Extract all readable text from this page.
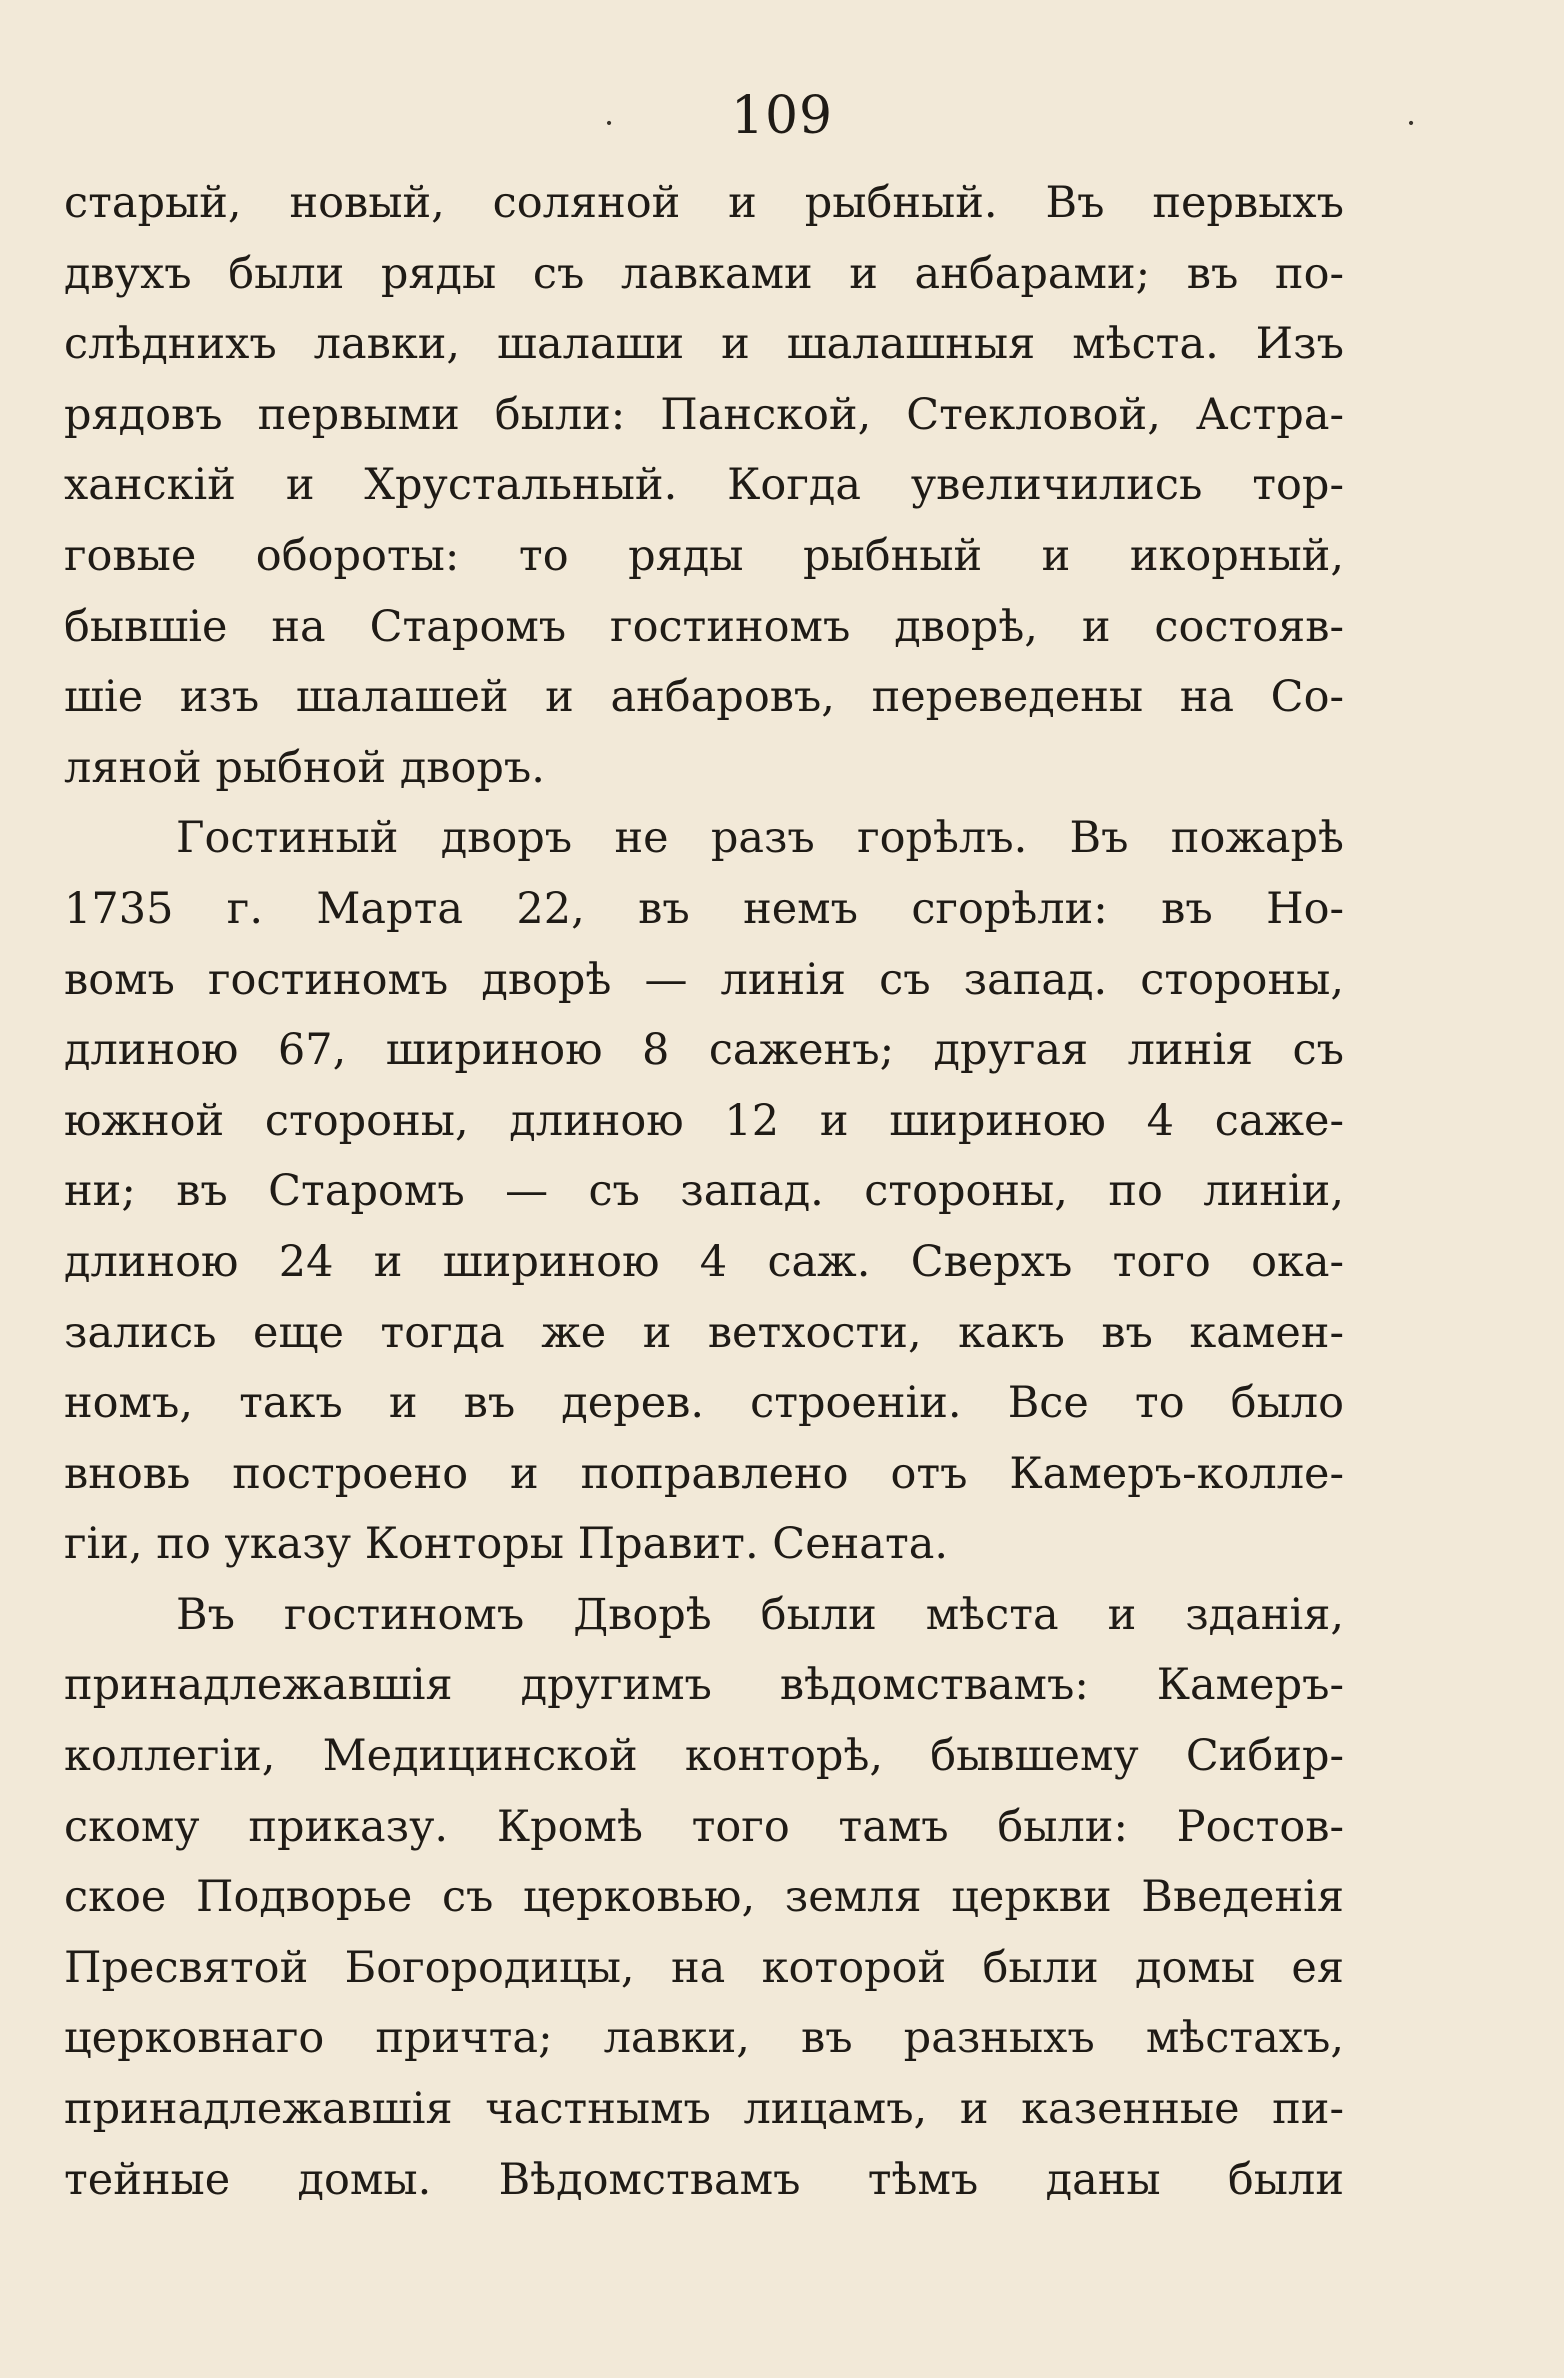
·	·
109
старый, новый, соляной и рыбный. Въ первыхъ
двухъ были ряды съ лавками и анбарами; въ по-
слѣднихъ лавки, шалаши и шалашныя мѣста. Изъ
рядовъ первыми были: Панской, Стекловой, Астра-
ханскій и Хрустальный. Когда увеличились тор-
говые обороты: то ряды рыбный и икорный,
бывшіе на Старомъ гостиномъ дворѣ, и состояв-
шіе изъ шалашей и анбаровъ, переведены на Со-
ляной рыбной дворъ.
Гостиный дворъ не разъ горѣлъ. Въ пожарѣ
1735 г. Марта 22, въ немъ сгорѣли: въ Но-
вомъ гостиномъ дворѣ — линія съ запад. стороны,
длиною 67, шириною 8 саженъ; другая линія съ
южной стороны, длиною 12 и шириною 4 саже-
ни; въ Старомъ — съ запад. стороны, по линіи,
длиною 24 и шириною 4 саж. Сверхъ того ока-
зались еще тогда же и ветхости, какъ въ камен-
номъ, такъ и въ дерев. строеніи. Все то было
вновь построено и поправлено отъ Камеръ-колле-
гіи, по указу Конторы Правит. Сената.
Въ гостиномъ Дворѣ были мѣста и зданія,
принадлежавшія другимъ вѣдомствамъ: Камеръ-
коллегіи, Медицинской конторѣ, бывшему Сибир-
скому приказу. Кромѣ того тамъ были: Ростов-
ское Подворье съ церковью, земля церкви Введенія
Пресвятой Богородицы, на которой были домы ея
церковнаго причта; лавки, въ разныхъ мѣстахъ,
принадлежавшія частнымъ лицамъ, и казенные пи-
тейные домы. Вѣдомствамъ тѣмъ даны были
